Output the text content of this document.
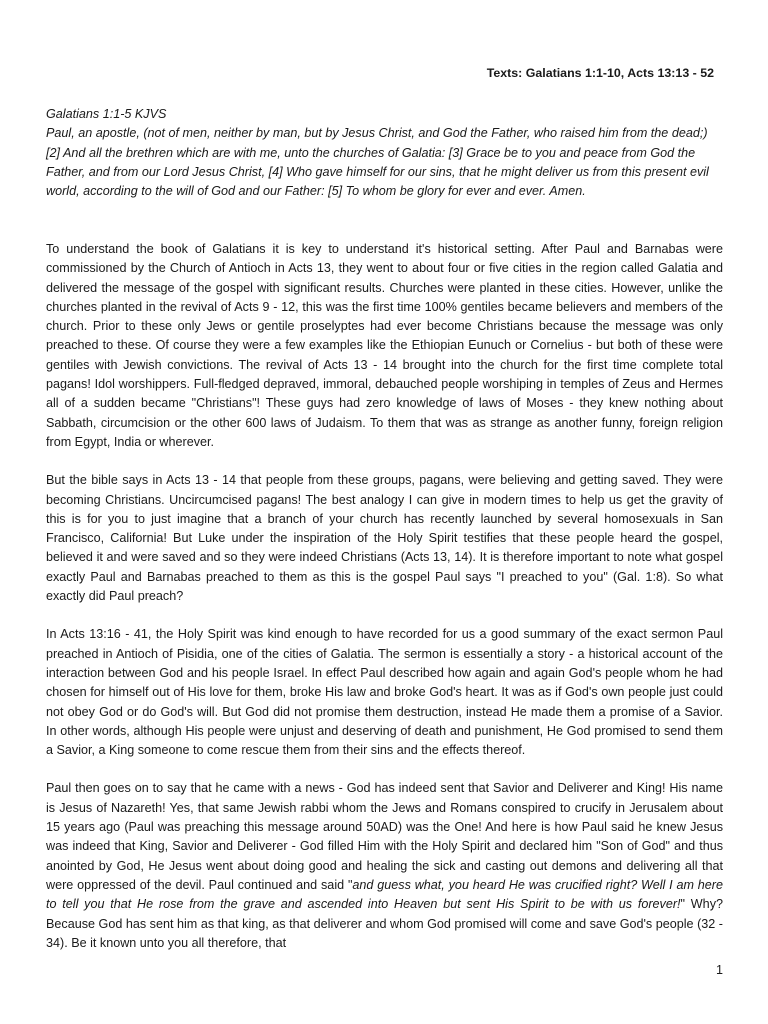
Texts: Galatians 1:1-10, Acts 13:13 - 52

Galatians 1:1-5 KJVS

Paul, an apostle, (not of men, neither by man, but by Jesus Christ, and God the Father, who raised him from the dead;) [2] And all the brethren which are with me, unto the churches of Galatia: [3] Grace be to you and peace from God the Father, and from our Lord Jesus Christ, [4] Who gave himself for our sins, that he might deliver us from this present evil world, according to the will of God and our Father: [5] To whom be glory for ever and ever. Amen.

To understand the book of Galatians it is key to understand it's historical setting. After Paul and Barnabas were commissioned by the Church of Antioch in Acts 13, they went to about four or five cities in the region called Galatia and delivered the message of the gospel with significant results. Churches were planted in these cities. However, unlike the churches planted in the revival of Acts 9 - 12, this was the first time 100% gentiles became believers and members of the church. Prior to these only Jews or gentile proselyptes had ever become Christians because the message was only preached to these. Of course they were a few examples like the Ethiopian Eunuch or Cornelius - but both of these were gentiles with Jewish convictions. The revival of Acts 13 - 14 brought into the church for the first time complete total pagans! Idol worshippers. Full-fledged depraved, immoral, debauched people worshiping in temples of Zeus and Hermes all of a sudden became "Christians"! These guys had zero knowledge of laws of Moses - they knew nothing about Sabbath, circumcision or the other 600 laws of Judaism. To them that was as strange as another funny, foreign religion from Egypt, India or wherever.

But the bible says in Acts 13 - 14 that people from these groups, pagans, were believing and getting saved. They were becoming Christians. Uncircumcised pagans! The best analogy I can give in modern times to help us get the gravity of this is for you to just imagine that a branch of your church has recently launched by several homosexuals in San Francisco, California! But Luke under the inspiration of the Holy Spirit testifies that these people heard the gospel, believed it and were saved and so they were indeed Christians (Acts 13, 14). It is therefore important to note what gospel exactly Paul and Barnabas preached to them as this is the gospel Paul says "I preached to you" (Gal. 1:8). So what exactly did Paul preach?

In Acts 13:16 - 41, the Holy Spirit was kind enough to have recorded for us a good summary of the exact sermon Paul preached in Antioch of Pisidia, one of the cities of Galatia. The sermon is essentially a story - a historical account of the interaction between God and his people Israel. In effect Paul described how again and again God's people whom he had chosen for himself out of His love for them, broke His law and broke God's heart. It was as if God's own people just could not obey God or do God's will. But God did not promise them destruction, instead He made them a promise of a Savior. In other words, although His people were unjust and deserving of death and punishment, He God promised to send them a Savior, a King someone to come rescue them from their sins and the effects thereof.

Paul then goes on to say that he came with a news - God has indeed sent that Savior and Deliverer and King! His name is Jesus of Nazareth! Yes, that same Jewish rabbi whom the Jews and Romans conspired to crucify in Jerusalem about 15 years ago (Paul was preaching this message around 50AD) was the One! And here is how Paul said he knew Jesus was indeed that King, Savior and Deliverer - God filled Him with the Holy Spirit and declared him "Son of God" and thus anointed by God, He Jesus went about doing good and healing the sick and casting out demons and delivering all that were oppressed of the devil. Paul continued and said "and guess what, you heard He was crucified right? Well I am here to tell you that He rose from the grave and ascended into Heaven but sent His Spirit to be with us forever!" Why? Because God has sent him as that king, as that deliverer and whom God promised will come and save God's people (32 - 34). Be it known unto you all therefore, that

1
